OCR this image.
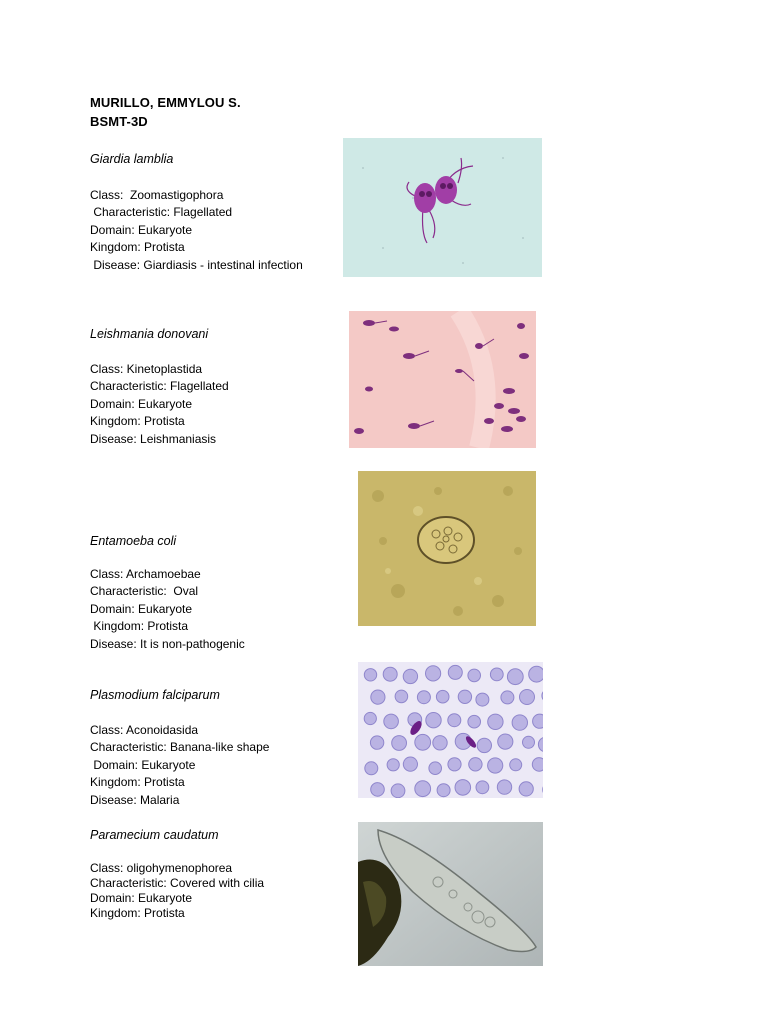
MURILLO, EMMYLOU S.
BSMT-3D
Giardia lamblia
Class:  Zoomastigophora
Characteristic: Flagellated
Domain: Eukaryote
Kingdom: Protista
Disease: Giardiasis - intestinal infection
Leishmania donovani
Class: Kinetoplastida
Characteristic: Flagellated
Domain: Eukaryote
Kingdom: Protista
Disease: Leishmaniasis
Entamoeba coli
Class: Archamoebae
Characteristic:  Oval
Domain: Eukaryote
Kingdom: Protista
Disease: It is non-pathogenic
Plasmodium falciparum
Class: Aconoidasida
Characteristic: Banana-like shape
Domain: Eukaryote
Kingdom: Protista
Disease: Malaria
Paramecium caudatum
Class: oligohymenophorea
Characteristic: Covered with cilia
Domain: Eukaryote
Kingdom: Protista
